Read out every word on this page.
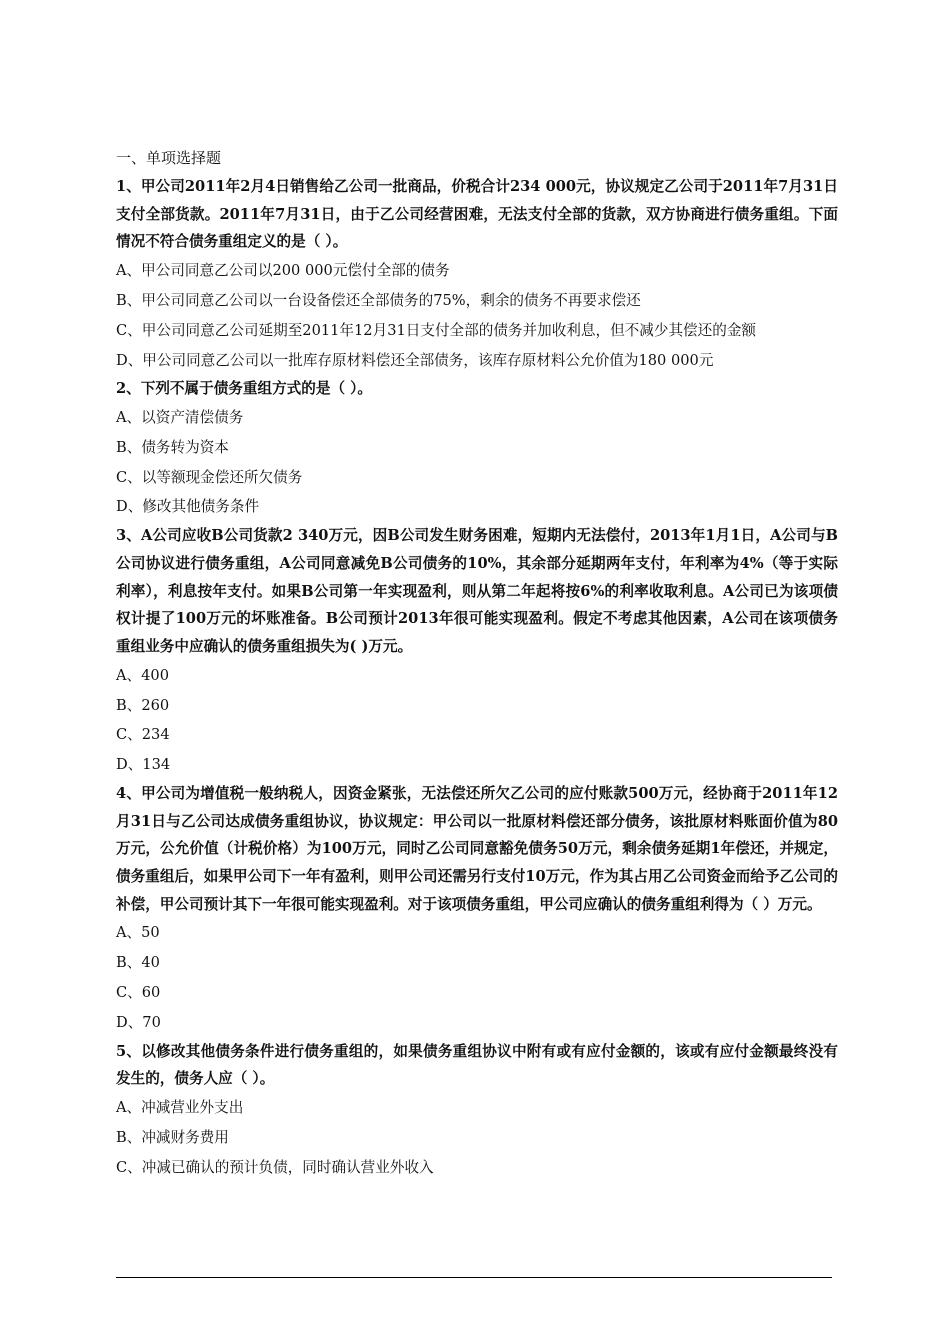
一、单项选择题

1、甲公司2011年2月4日销售给乙公司一批商品，价税合计234 000元，协议规定乙公司于2011年7月31日支付全部货款。2011年7月31日，由于乙公司经营困难，无法支付全部的货款，双方协商进行债务重组。下面情况不符合债务重组定义的是（ ）。

A、甲公司同意乙公司以200 000元偿付全部的债务

B、甲公司同意乙公司以一台设备偿还全部债务的75%，剩余的债务不再要求偿还

C、甲公司同意乙公司延期至2011年12月31日支付全部的债务并加收利息，但不减少其偿还的金额

D、甲公司同意乙公司以一批库存原材料偿还全部债务，该库存原材料公允价值为180 000元

2、下列不属于债务重组方式的是（ ）。

A、以资产清偿债务

B、债务转为资本

C、以等额现金偿还所欠债务

D、修改其他债务条件

3、A公司应收B公司货款2 340万元，因B公司发生财务困难，短期内无法偿付，2013年1月1日，A公司与B公司协议进行债务重组，A公司同意减免B公司债务的10%，其余部分延期两年支付，年利率为4%（等于实际利率），利息按年支付。如果B公司第一年实现盈利，则从第二年起将按6%的利率收取利息。A公司已为该项债权计提了100万元的坏账准备。B公司预计2013年很可能实现盈利。假定不考虑其他因素，A公司在该项债务重组业务中应确认的债务重组损失为( )万元。

A、400

B、260

C、234

D、134

4、甲公司为增值税一般纳税人，因资金紧张，无法偿还所欠乙公司的应付账款500万元，经协商于2011年12月31日与乙公司达成债务重组协议，协议规定：甲公司以一批原材料偿还部分债务，该批原材料账面价值为80万元，公允价值（计税价格）为100万元，同时乙公司同意豁免债务50万元，剩余债务延期1年偿还，并规定，债务重组后，如果甲公司下一年有盈利，则甲公司还需另行支付10万元，作为其占用乙公司资金而给予乙公司的补偿，甲公司预计其下一年很可能实现盈利。对于该项债务重组，甲公司应确认的债务重组利得为（ ）万元。

A、50

B、40

C、60

D、70

5、以修改其他债务条件进行债务重组的，如果债务重组协议中附有或有应付金额的，该或有应付金额最终没有发生的，债务人应（ ）。

A、冲减营业外支出

B、冲减财务费用

C、冲减已确认的预计负债，同时确认营业外收入
